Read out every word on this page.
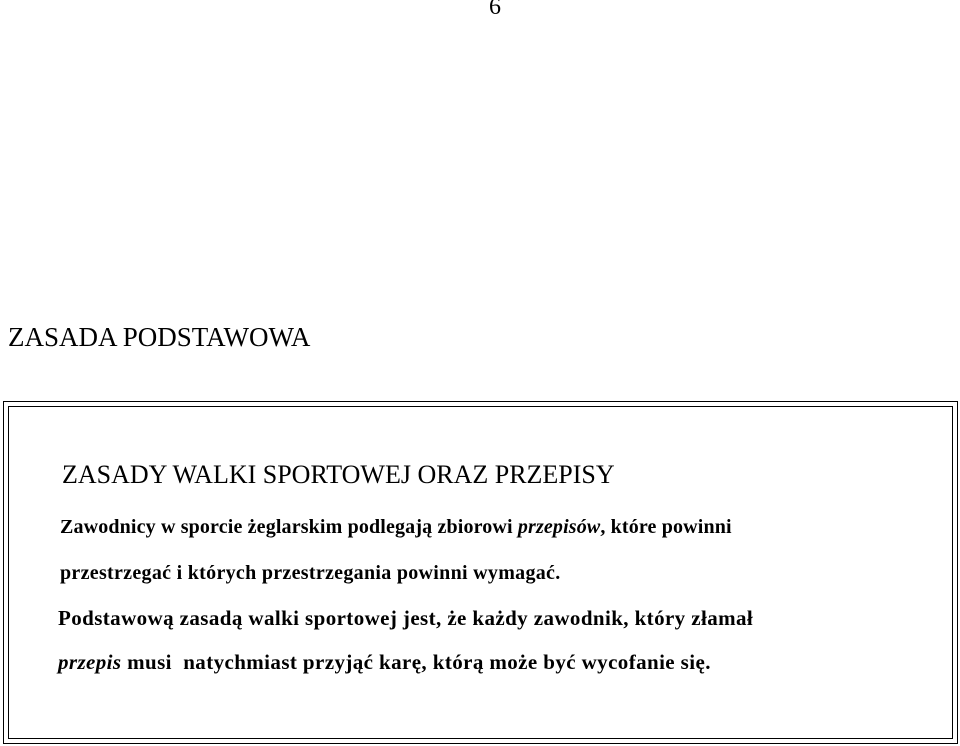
6
ZASADA PODSTAWOWA
ZASADY WALKI SPORTOWEJ ORAZ PRZEPISY
Zawodnicy w sporcie żeglarskim podlegają zbiorowi przepisów, które powinni
przestrzegać i których przestrzegania powinni wymagać.
Podstawową zasadą walki sportowej jest, że każdy zawodnik, który złamał
przepis musi  natychmiast przyjąć karę, którą może być wycofanie się.
